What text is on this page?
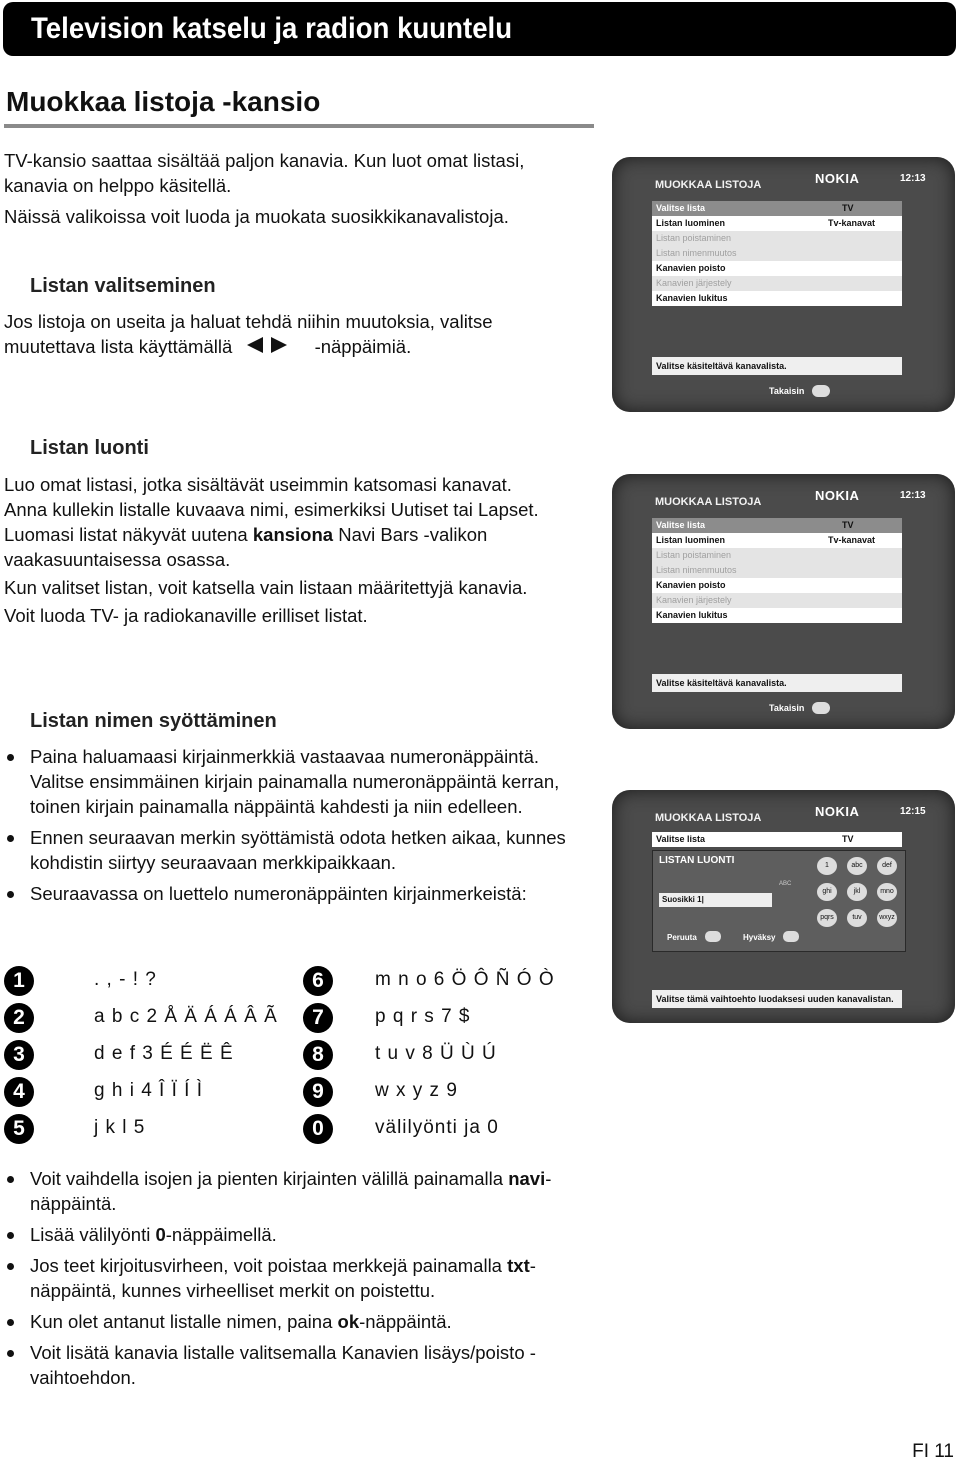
Television katselu ja radion kuuntelu
Muokkaa listoja -kansio
TV-kansio saattaa sisältää paljon kanavia. Kun luot omat listasi,
kanavia on helppo käsitellä.
Näissä valikoissa voit luoda ja muokata suosikkikanavalistoja.
Listan valitseminen
Jos listoja on useita ja haluat tehdä niihin muutoksia, valitse
muutettava lista käyttämällä	-näppäimiä.
Listan luonti
Luo omat listasi, jotka sisältävät useimmin katsomasi kanavat.
Anna kullekin listalle kuvaava nimi, esimerkiksi Uutiset tai Lapset.
Luomasi listat näkyvät uutena kansiona Navi Bars -valikon
vaakasuuntaisessa osassa.
Kun valitset listan, voit katsella vain listaan määritettyjä kanavia.
Voit luoda TV- ja radiokanaville erilliset listat.
Listan nimen syöttäminen
Paina haluamaasi kirjainmerkkiä vastaavaa numeronäppäintä. Valitse ensimmäinen kirjain painamalla numeronäppäintä kerran, toinen kirjain painamalla näppäintä kahdesti ja niin edelleen.
Ennen seuraavan merkin syöttämistä odota hetken aikaa, kunnes kohdistin siirtyy seuraavaan merkkipaikkaan.
Seuraavassa on luettelo numeronäppäinten kirjainmerkeistä:
1	. , - ! ?
2	a b c 2 Å Ä Á Á Â Ã
3	d e f 3 É É Ë Ê
4	g h i 4 Î Ï Í Ì
5	j k l 5
6	m n o 6 Ö Ô Ñ Ó Ò
7	p q r s 7 $
8	t u v 8 Ü Ù Ú
9	w x y z 9
0	välilyönti ja 0
Voit vaihdella isojen ja pienten kirjainten välillä painamalla navi-näppäintä.
Lisää välilyönti 0-näppäimellä.
Jos teet kirjoitusvirheen, voit poistaa merkkejä painamalla txt-näppäintä, kunnes virheelliset merkit on poistettu.
Kun olet antanut listalle nimen, paina ok-näppäintä.
Voit lisätä kanavia listalle valitsemalla Kanavien lisäys/poisto -vaihtoehdon.
MUOKKAA LISTOJA	NOKIA	12:13
Valitse lista	TV
Listan luominen	Tv-kanavat
Listan poistaminen
Listan nimenmuutos
Kanavien poisto
Kanavien järjestely
Kanavien lukitus
Valitse käsiteltävä kanavalista.
Takaisin
MUOKKAA LISTOJA	NOKIA	12:13
Valitse lista	TV
Listan luominen	Tv-kanavat
Listan poistaminen
Listan nimenmuutos
Kanavien poisto
Kanavien järjestely
Kanavien lukitus
Valitse käsiteltävä kanavalista.
Takaisin
MUOKKAA LISTOJA	NOKIA	12:15
Valitse lista	TV
LISTAN LUONTI
Suosikki 1|
ABC
1	abc	def
ghi	jkl	mno
pqrs	tuv	wxyz
Peruuta	Hyväksy
Valitse tämä vaihtoehto luodaksesi uuden kanavalistan.
FI 11
